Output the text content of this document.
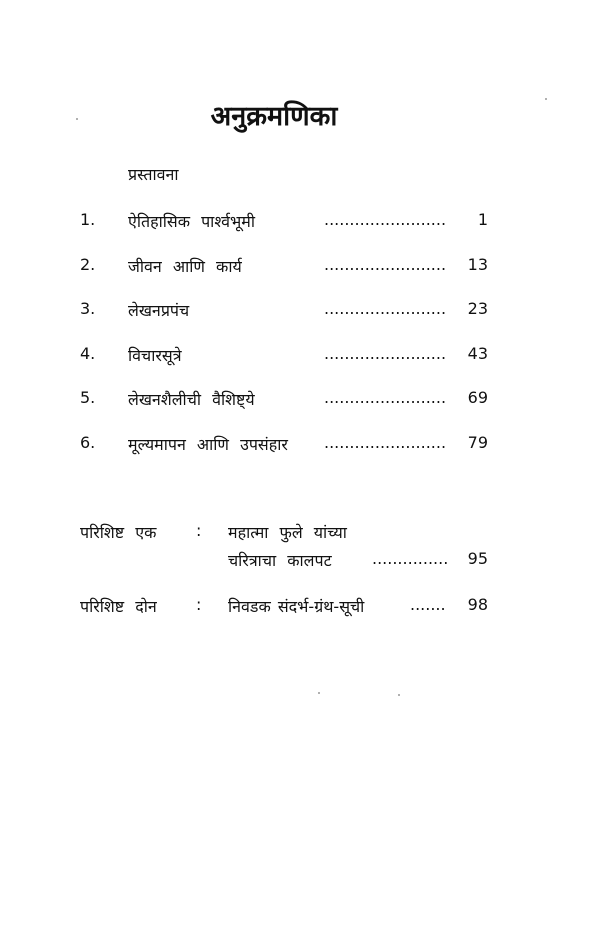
अनुक्रमणिका
प्रस्तावना
1. ऐतिहासिक पार्श्वभूमी	........................ 1
2. जीवन आणि कार्य	........................ 13
3. लेखनप्रपंच	........................ 23
4. विचारसूत्रे	........................ 43
5. लेखनशैलीची वैशिष्ट्ये	........................ 69
6. मूल्यमापन आणि उपसंहार ........................ 79
परिशिष्ट एक : महात्मा फुले यांच्या
चरित्राचा कालपट	............... 95
परिशिष्ट दोन : निवडक संदर्भ-ग्रंथ-सूची	....... 98
